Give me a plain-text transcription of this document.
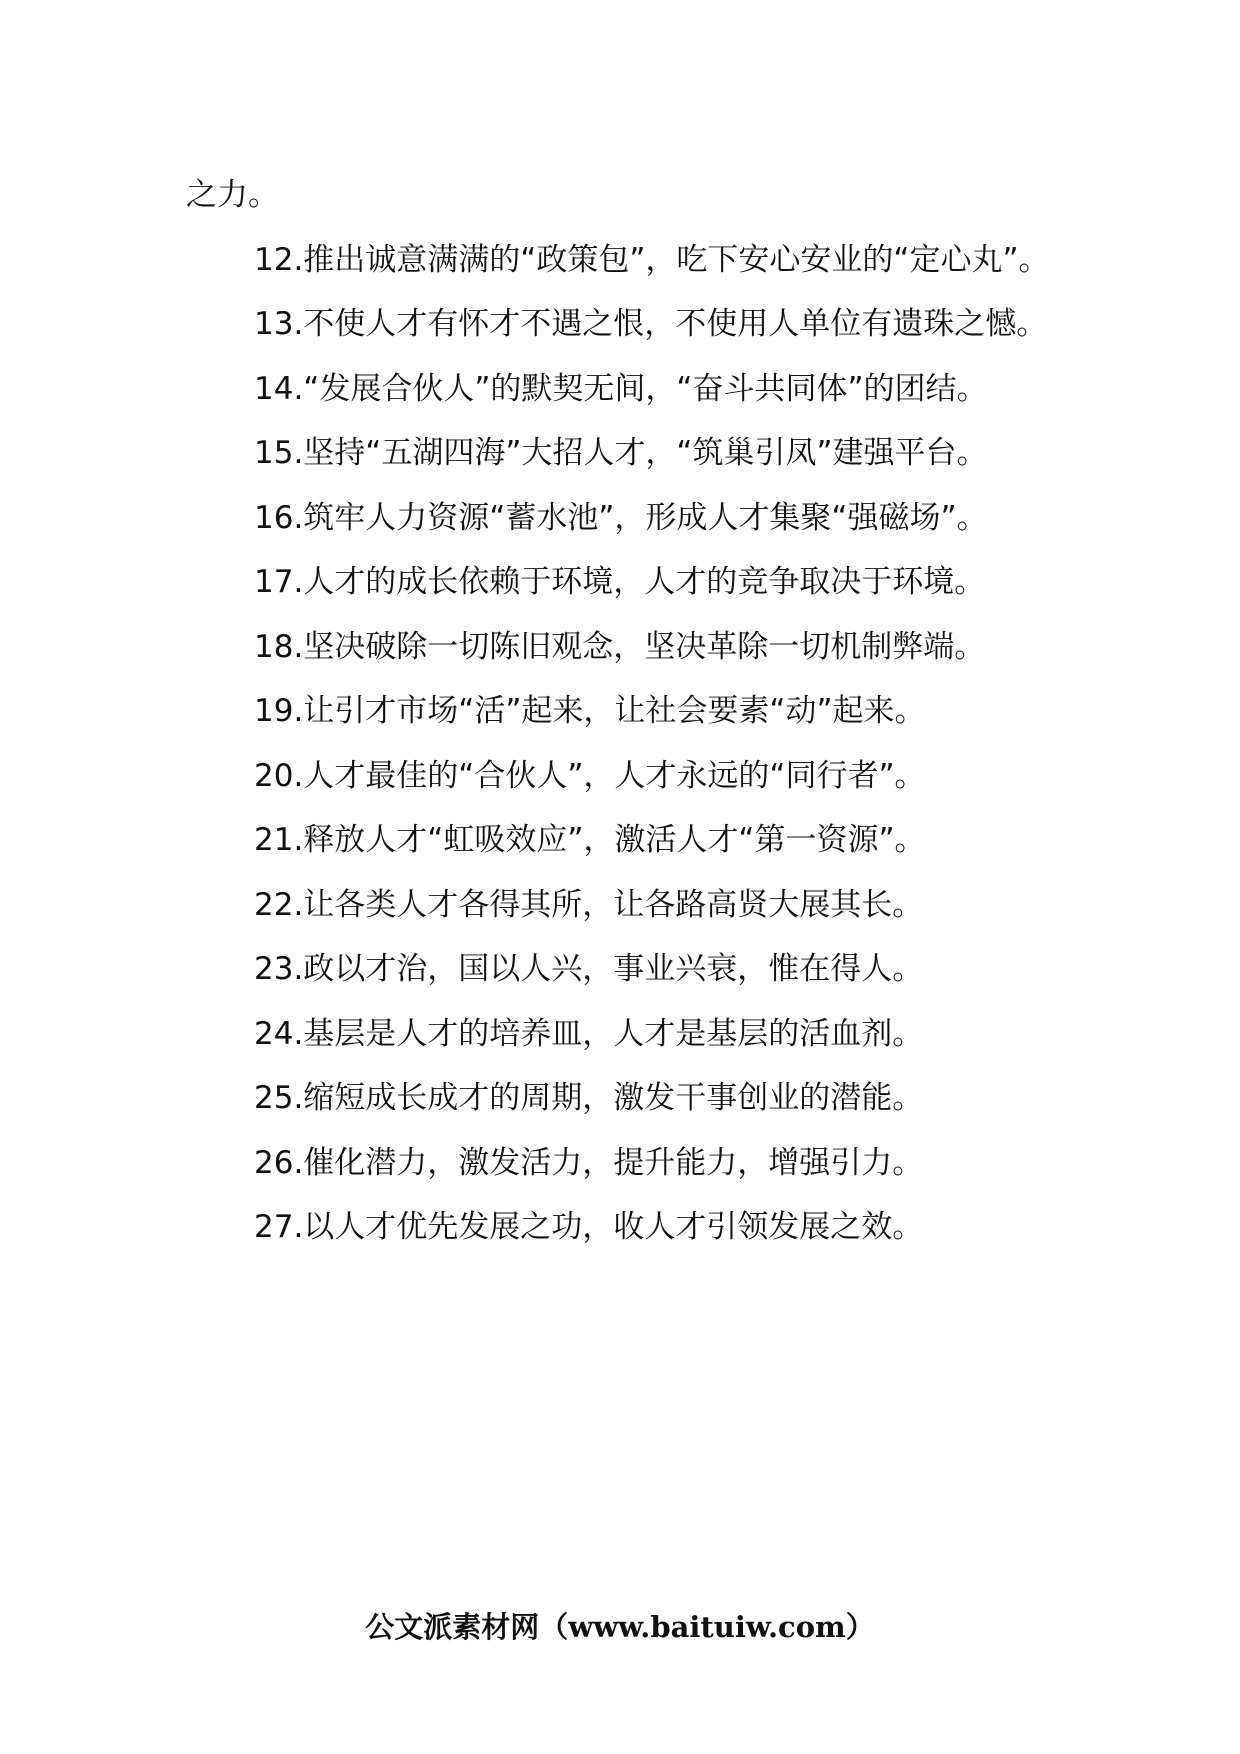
之力。

12.推出诚意满满的“政策包”，吃下安心安业的“定心丸”。

13.不使人才有怀才不遇之恨，不使用人单位有遗珠之憾。

14.“发展合伙人”的默契无间，“奋斗共同体”的团结。

15.坚持“五湖四海”大招人才，“筑巢引凤”建强平台。

16.筑牢人力资源“蓄水池”，形成人才集聚“强磁场”。

17.人才的成长依赖于环境，人才的竞争取决于环境。

18.坚决破除一切陈旧观念，坚决革除一切机制弊端。

19.让引才市场“活”起来，让社会要素“动”起来。

20.人才最佳的“合伙人”，人才永远的“同行者”。

21.释放人才“虹吸效应”，激活人才“第一资源”。

22.让各类人才各得其所，让各路高贤大展其长。

23.政以才治，国以人兴，事业兴衰，惟在得人。

24.基层是人才的培养皿，人才是基层的活血剂。

25.缩短成长成才的周期，激发干事创业的潜能。

26.催化潜力，激发活力，提升能力，增强引力。

27.以人才优先发展之功，收人才引领发展之效。

公文派素材网（www.baituiw.com）
